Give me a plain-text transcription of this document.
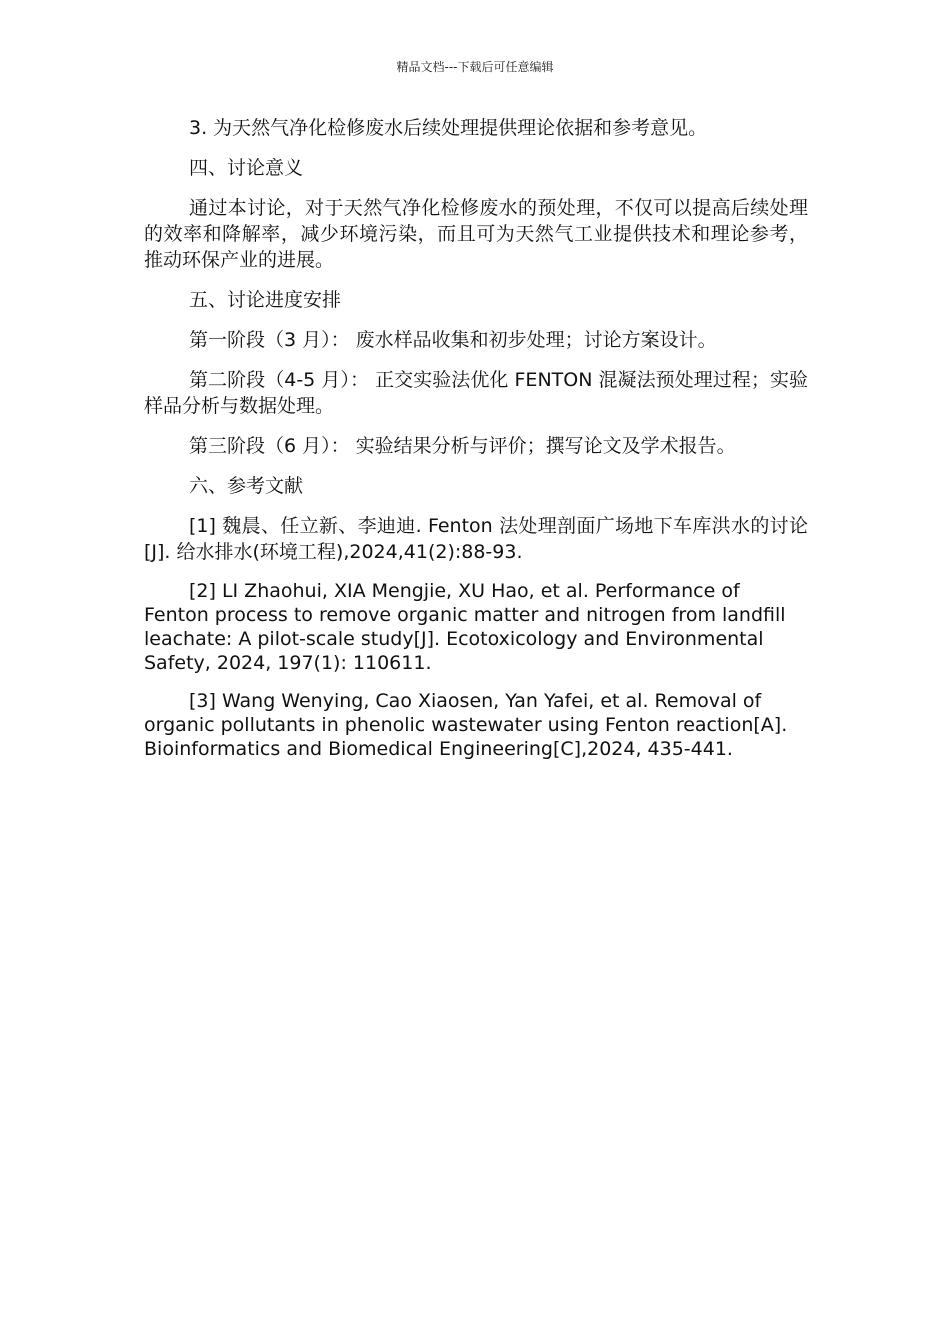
精品文档---下载后可任意编辑

3. 为天然气净化检修废水后续处理提供理论依据和参考意见。

四、讨论意义

通过本讨论，对于天然气净化检修废水的预处理，不仅可以提高后续处理的效率和降解率，减少环境污染，而且可为天然气工业提供技术和理论参考，推动环保产业的进展。

五、讨论进度安排

第一阶段（3 月）： 废水样品收集和初步处理；讨论方案设计。

第二阶段（4-5 月）： 正交实验法优化 FENTON 混凝法预处理过程；实验样品分析与数据处理。

第三阶段（6 月）： 实验结果分析与评价；撰写论文及学术报告。

六、参考文献

[1] 魏晨、任立新、李迪迪. Fenton 法处理剖面广场地下车库洪水的讨论[J]. 给水排水(环境工程),2024,41(2):88-93.

[2] LI Zhaohui, XIA Mengjie, XU Hao, et al. Performance of Fenton process to remove organic matter and nitrogen from landfill leachate: A pilot-scale study[J]. Ecotoxicology and Environmental Safety, 2024, 197(1): 110611.

[3] Wang Wenying, Cao Xiaosen, Yan Yafei, et al. Removal of organic pollutants in phenolic wastewater using Fenton reaction[A]. Bioinformatics and Biomedical Engineering[C],2024, 435-441.
